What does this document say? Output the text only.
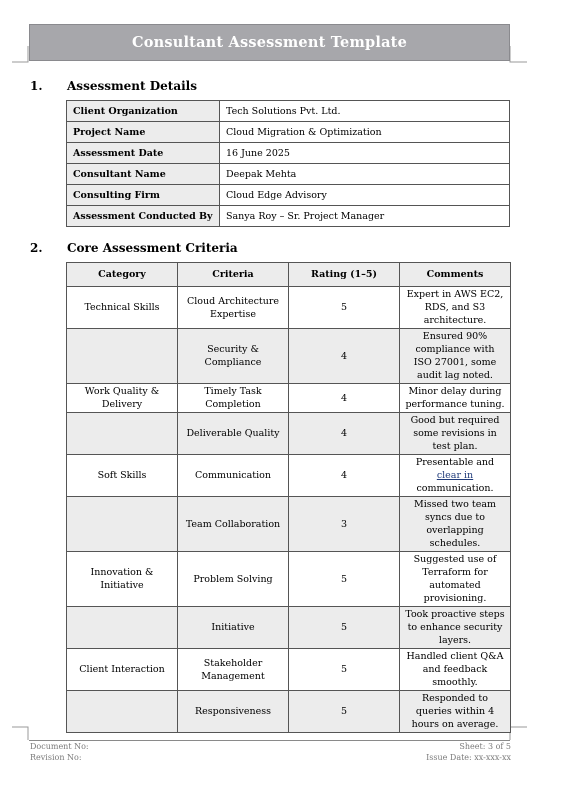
Consultant Assessment Template
1. Assessment Details
Client Organization	Tech Solutions Pvt. Ltd.
Project Name	Cloud Migration & Optimization
Assessment Date	16 June 2025
Consultant Name	Deepak Mehta
Consulting Firm	Cloud Edge Advisory
Assessment Conducted By	Sanya Roy – Sr. Project Manager
2. Core Assessment Criteria
Category	Criteria	Rating (1–5)	Comments
Technical Skills	Cloud Architecture Expertise	5	Expert in AWS EC2, RDS, and S3 architecture.
	Security & Compliance	4	Ensured 90% compliance with ISO 27001, some audit lag noted.
Work Quality & Delivery	Timely Task Completion	4	Minor delay during performance tuning.
	Deliverable Quality	4	Good but required some revisions in test plan.
Soft Skills	Communication	4	Presentable and clear in communication.
	Team Collaboration	3	Missed two team syncs due to overlapping schedules.
Innovation & Initiative	Problem Solving	5	Suggested use of Terraform for automated provisioning.
	Initiative	5	Took proactive steps to enhance security layers.
Client Interaction	Stakeholder Management	5	Handled client Q&A and feedback smoothly.
	Responsiveness	5	Responded to queries within 4 hours on average.
Document No:
Revision No:
Sheet: 3 of 5
Issue Date: xx-xxx-xx
